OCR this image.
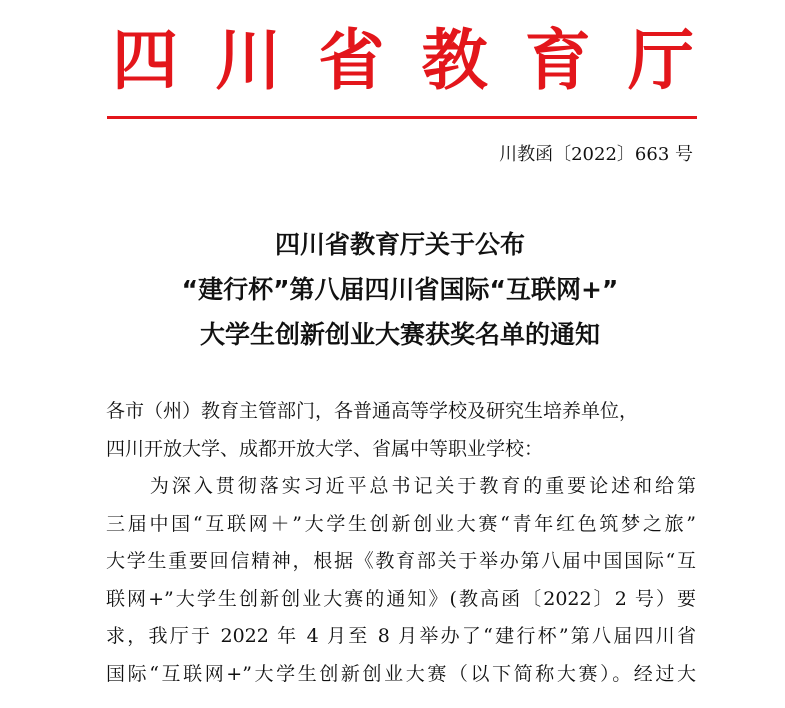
四 川 省 教 育 厅
川教函〔2022〕663 号
四川省教育厅关于公布
“建行杯”第八届四川省国际“互联网+”
大学生创新创业大赛获奖名单的通知
各市（州）教育主管部门，各普通高等学校及研究生培养单位，
四川开放大学、成都开放大学、省属中等职业学校：
　　为深入贯彻落实习近平总书记关于教育的重要论述和给第
三届中国“互联网＋”大学生创新创业大赛“青年红色筑梦之旅”
大学生重要回信精神，根据《教育部关于举办第八届中国国际“互
联网+”大学生创新创业大赛的通知》(教高函〔2022〕2 号）要
求，我厅于 2022 年 4 月至 8 月举办了“建行杯”第八届四川省
国际“互联网+”大学生创新创业大赛（以下简称大赛）。经过大
